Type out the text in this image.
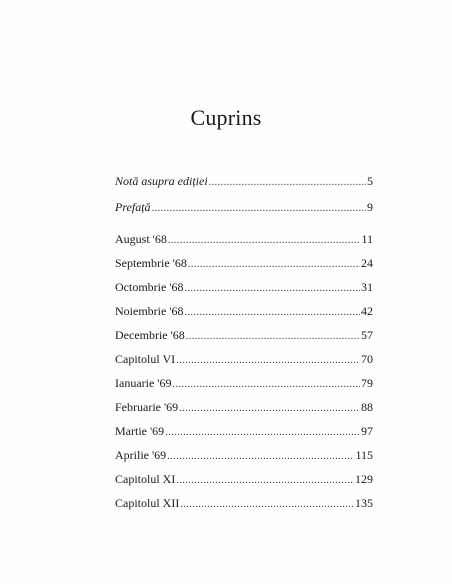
Cuprins
Notă asupra ediției .....	5
Prefață .....	9
August '68 .....	11
Septembrie '68 .....	24
Octombrie '68 .....	31
Noiembrie '68 .....	42
Decembrie '68 .....	57
Capitolul VI .....	70
Ianuarie '69 .....	79
Februarie '69 .....	88
Martie '69 .....	97
Aprilie '69 .....	115
Capitolul XI .....	129
Capitolul XII .....	135
